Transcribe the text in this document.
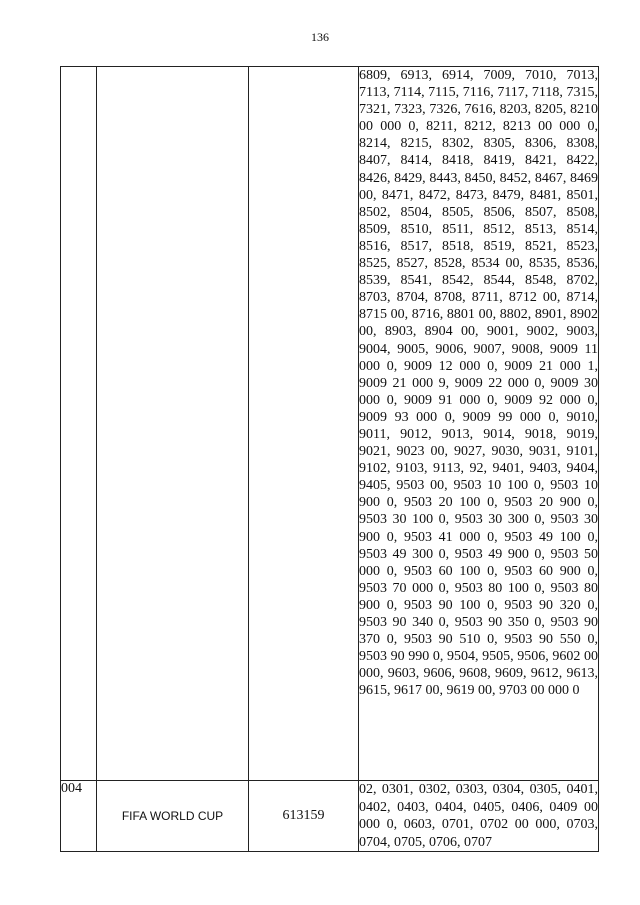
136
			6809, 6913, 6914, 7009, 7010, 7013, 7113, 7114, 7115, 7116, 7117, 7118, 7315, 7321, 7323, 7326, 7616, 8203, 8205, 8210 00 000 0, 8211, 8212, 8213 00 000 0, 8214, 8215, 8302, 8305, 8306, 8308, 8407, 8414, 8418, 8419, 8421, 8422, 8426, 8429, 8443, 8450, 8452, 8467, 8469 00, 8471, 8472, 8473, 8479, 8481, 8501, 8502, 8504, 8505, 8506, 8507, 8508, 8509, 8510, 8511, 8512, 8513, 8514, 8516, 8517, 8518, 8519, 8521, 8523, 8525, 8527, 8528, 8534 00, 8535, 8536, 8539, 8541, 8542, 8544, 8548, 8702, 8703, 8704, 8708, 8711, 8712 00, 8714, 8715 00, 8716, 8801 00, 8802, 8901, 8902 00, 8903, 8904 00, 9001, 9002, 9003, 9004, 9005, 9006, 9007, 9008, 9009 11 000 0, 9009 12 000 0, 9009 21 000 1, 9009 21 000 9, 9009 22 000 0, 9009 30 000 0, 9009 91 000 0, 9009 92 000 0, 9009 93 000 0, 9009 99 000 0, 9010, 9011, 9012, 9013, 9014, 9018, 9019, 9021, 9023 00, 9027, 9030, 9031, 9101, 9102, 9103, 9113, 92, 9401, 9403, 9404, 9405, 9503 00, 9503 10 100 0, 9503 10 900 0, 9503 20 100 0, 9503 20 900 0, 9503 30 100 0, 9503 30 300 0, 9503 30 900 0, 9503 41 000 0, 9503 49 100 0, 9503 49 300 0, 9503 49 900 0, 9503 50 000 0, 9503 60 100 0, 9503 60 900 0, 9503 70 000 0, 9503 80 100 0, 9503 80 900 0, 9503 90 100 0, 9503 90 320 0, 9503 90 340 0, 9503 90 350 0, 9503 90 370 0, 9503 90 510 0, 9503 90 550 0, 9503 90 990 0, 9504, 9505, 9506, 9602 00 000, 9603, 9606, 9608, 9609, 9612, 9613, 9615, 9617 00, 9619 00, 9703 00 000 0
004	FIFA WORLD CUP	613159	02, 0301, 0302, 0303, 0304, 0305, 0401, 0402, 0403, 0404, 0405, 0406, 0409 00 000 0, 0603, 0701, 0702 00 000, 0703, 0704, 0705, 0706, 0707
